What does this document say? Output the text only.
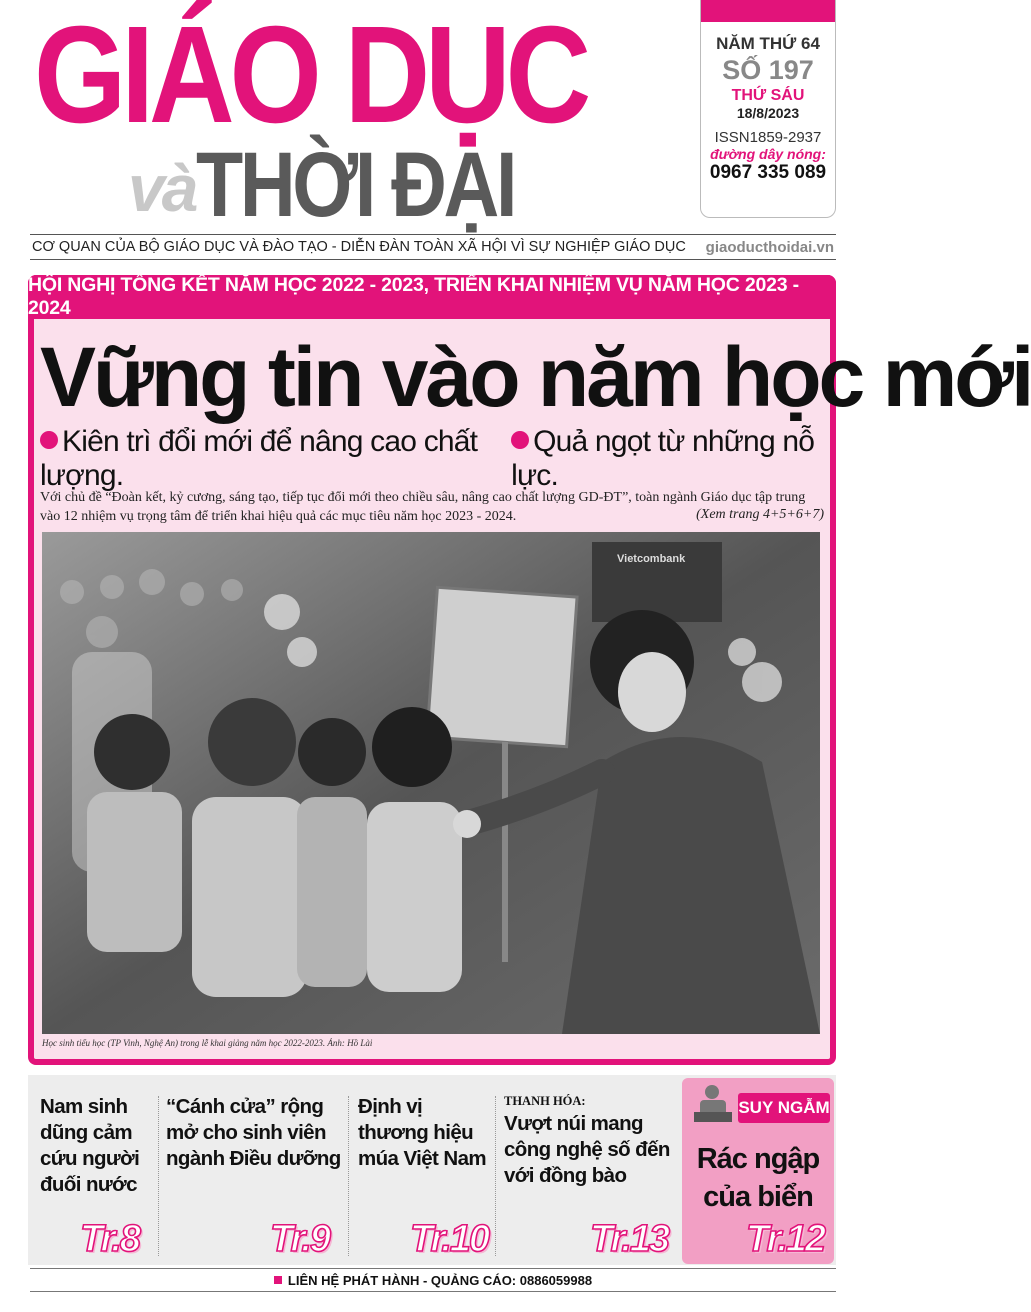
GIÁO DỤC
và THỜI ĐẠI
NĂM THỨ 64
SỐ 197
THỨ SÁU
18/8/2023
ISSN1859-2937
đường dây nóng:
0967 335 089
CƠ QUAN CỦA BỘ GIÁO DỤC VÀ ĐÀO TẠO - DIỄN ĐÀN TOÀN XÃ HỘI VÌ SỰ NGHIỆP GIÁO DỤC giaoducthoidai.vn
HỘI NGHỊ TỔNG KẾT NĂM HỌC 2022 - 2023, TRIỂN KHAI NHIỆM VỤ NĂM HỌC 2023 - 2024
Vững tin vào năm học mới
Kiên trì đổi mới để nâng cao chất lượng.
Quả ngọt từ những nỗ lực.
Với chủ đề “Đoàn kết, kỷ cương, sáng tạo, tiếp tục đổi mới theo chiều sâu, nâng cao chất lượng GD-ĐT”, toàn ngành Giáo dục tập trung vào 12 nhiệm vụ trọng tâm để triển khai hiệu quả các mục tiêu năm học 2023 - 2024.	(Xem trang 4+5+6+7)
Vietcombank
Học sinh tiểu học (TP Vinh, Nghệ An) trong lễ khai giảng năm học 2022-2023. Ảnh: Hồ Lài
Nam sinh dũng cảm cứu người đuối nước
Tr.8
“Cánh cửa” rộng mở cho sinh viên ngành Điều dưỡng
Tr.9
Định vị thương hiệu múa Việt Nam
Tr.10
THANH HÓA:
Vượt núi mang công nghệ số đến với đồng bào
Tr.13
SUY NGẪM
Rác ngập của biển
Tr.12
LIÊN HỆ PHÁT HÀNH - QUẢNG CÁO: 0886059988
